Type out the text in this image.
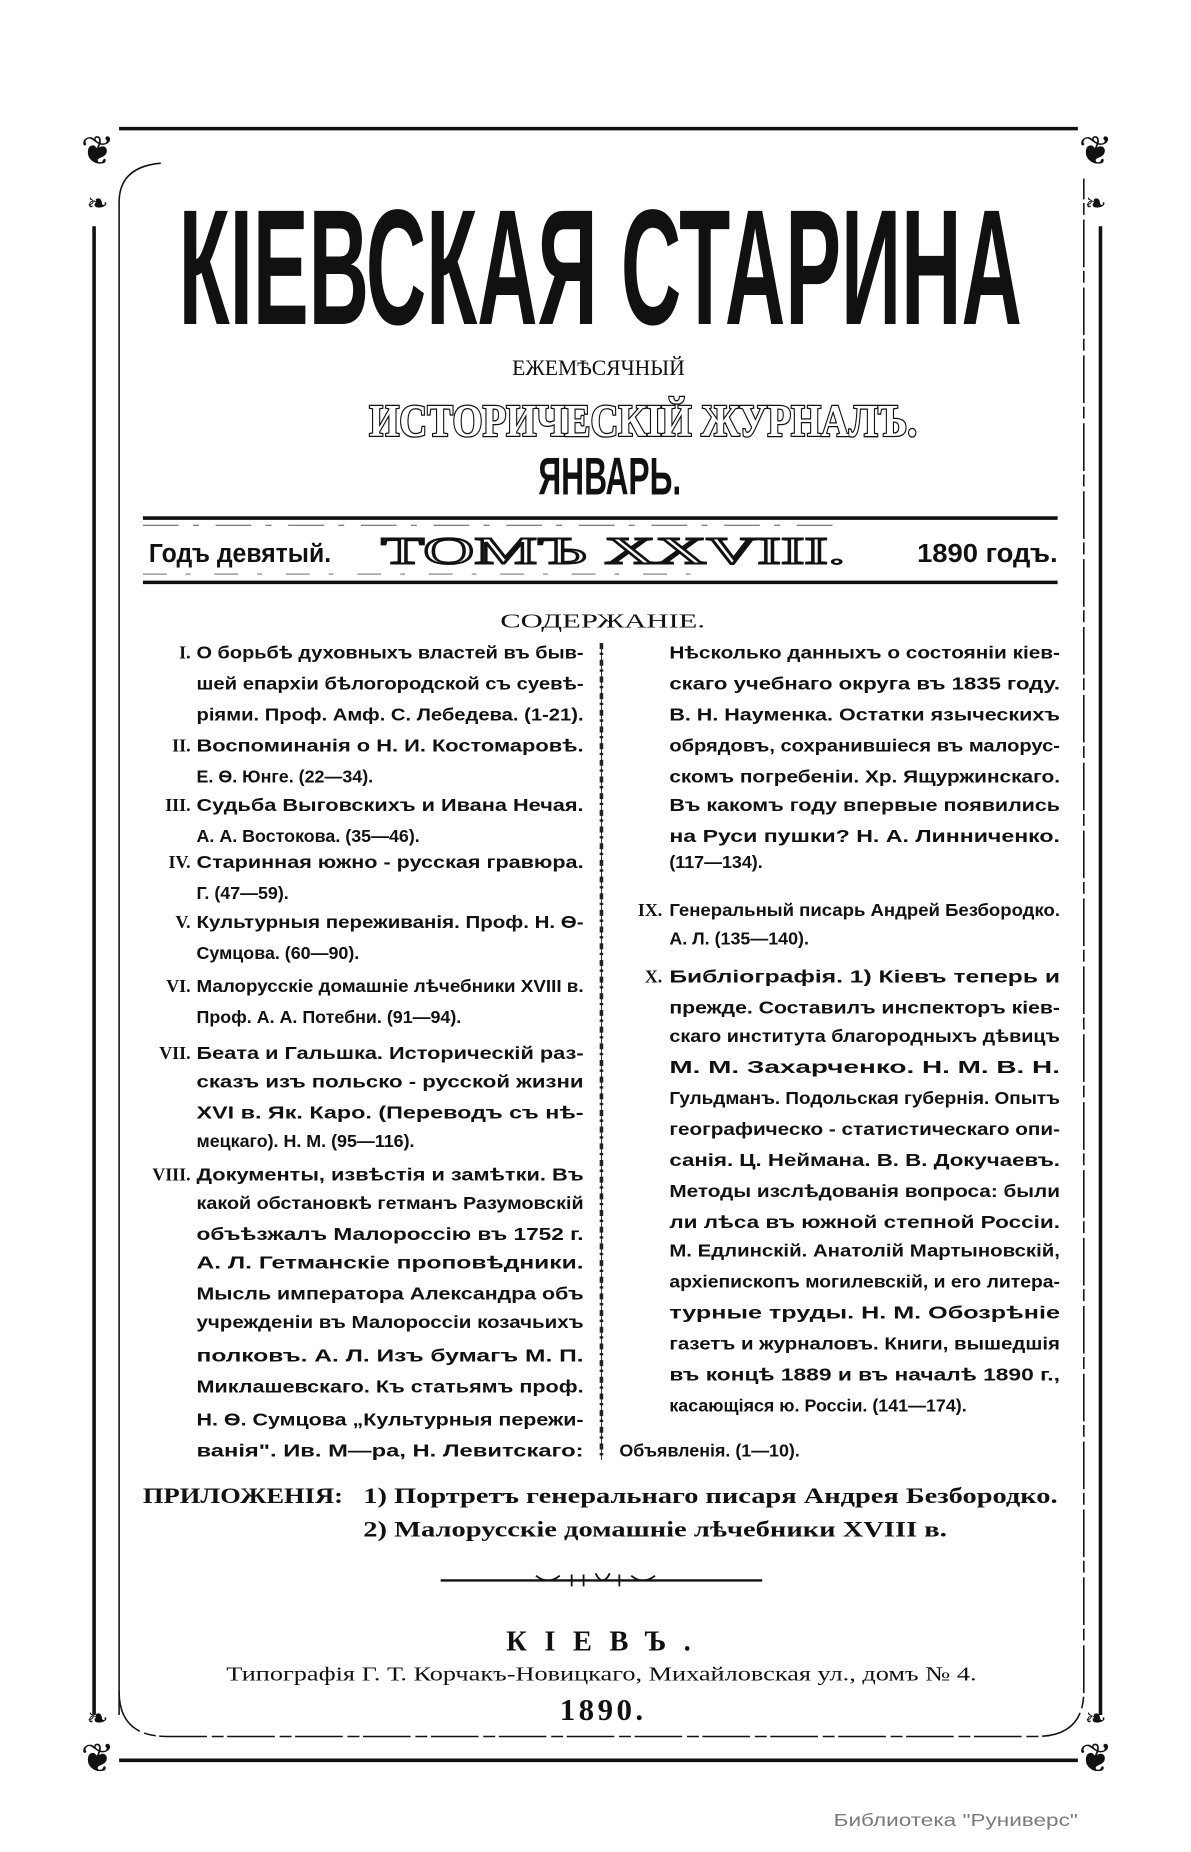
❦
❧
❦
❧
❦
❧
❦
❧
КІЕВСКАЯ СТАРИНА
ЕЖЕМѢСЯЧНЫЙ
ИСТОРИЧЕСКІЙ ЖУРНАЛЪ.
ЯНВАРЬ.
Годъ девятый. ТОМЪ XXVIII.	1890 годъ.
СОДЕРЖАНІЕ.
I. О борьбѣ духовныхъ властей въ быв-
шей епархіи бѣлогородской съ суевѣ-
ріями. Проф. Амф. С. Лебедева. (1-21).
II. Воспоминанія о Н. И. Костомаровѣ.
Е. Ѳ. Юнге. (22—34).
III. Судьба Выговскихъ и Ивана Нечая.
А. А. Востокова. (35—46).
IV. Старинная южно - русская гравюра.
Г. (47—59).
V. Культурныя переживанія. Проф. Н. Ѳ-
Сумцова. (60—90).
VI. Малорусскіе домашніе лѣчебники XVIII в.
Проф. А. А. Потебни. (91—94).
VII. Беата и Гальшка. Историческій раз-
сказъ изъ польско - русской жизни
XVI в. Як. Каро. (Переводъ съ нѣ-
мецкаго). Н. М. (95—116).
VIII. Документы, извѣстія и замѣтки. Въ
какой обстановкѣ гетманъ Разумовскій
объѣзжалъ Малороссію въ 1752 г.
А. Л. Гетманскіе проповѣдники.
Мысль императора Александра объ
учрежденіи въ Малороссіи козачьихъ
полковъ. А. Л. Изъ бумагъ М. П.
Миклашевскаго. Къ статьямъ проф.
Н. Ѳ. Сумцова „Культурныя пережи-
ванія". Ив. М—ра, Н. Левитскаго:
Нѣсколько данныхъ о состояніи кіев-
скаго учебнаго округа въ 1835 году.
В. Н. Науменка. Остатки языческихъ
обрядовъ, сохранившіеся въ малорус-
скомъ погребеніи. Хр. Ящуржинскаго.
Въ какомъ году впервые появились
на Руси пушки? Н. А. Линниченко.
(117—134).
IX. Генеральный писарь Андрей Безбородко.
А. Л. (135—140).
X. Библіографія. 1) Кіевъ теперь и
прежде. Составилъ инспекторъ кіев-
скаго института благородныхъ дѣвицъ
М. М. Захарченко. Н. М. В. Н.
Гульдманъ. Подольская губернія. Опытъ
географическо - статистическаго опи-
санія. Ц. Неймана. В. В. Докучаевъ.
Методы изслѣдованія вопроса: были
ли лѣса въ южной степной Россіи.
М. Едлинскій. Анатолій Мартыновскій,
архіепископъ могилевскій, и его литера-
турные труды. Н. М. Обозрѣніе
газетъ и журналовъ. Книги, вышедшія
въ концѣ 1889 и въ началѣ 1890 г.,
касающіяся ю. Россіи. (141—174).
Объявленія. (1—10).
ПРИЛОЖЕНІЯ: 1) Портретъ генеральнаго писаря Андрея Безбородко.
2) Малорусскіе домашніе лѣчебники XVIII в.
КІЕВЪ.
Типографія Г. Т. Корчакъ-Новицкаго, Михайловская ул., домъ № 4.
1890.
Библиотека "Руниверс"
